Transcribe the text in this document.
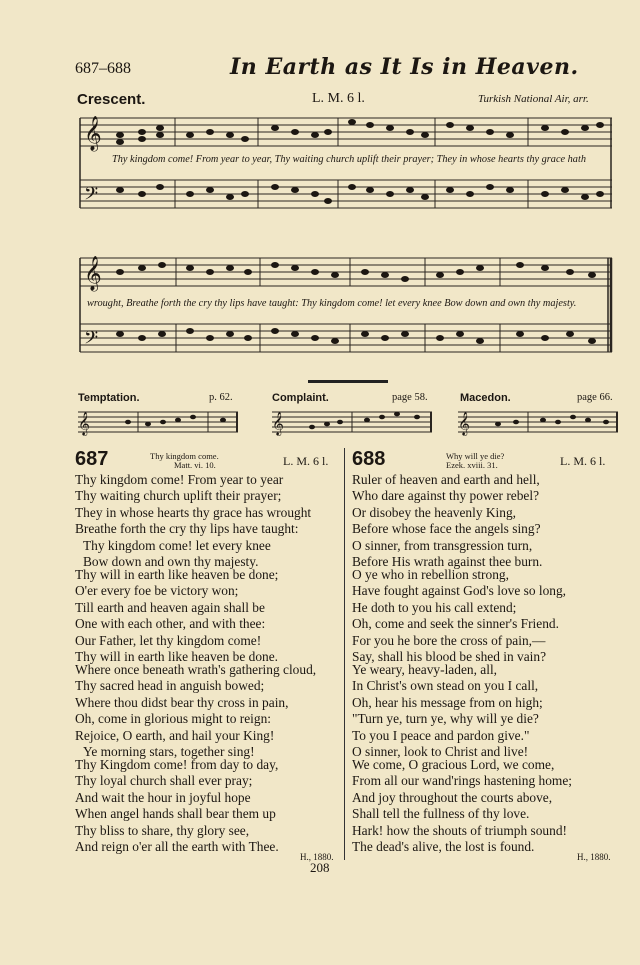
687–688	In Earth as It Is in Heaven.
Crescent.	L. M. 6 l.	Turkish National Air, arr.
𝄞
𝄢
Thy kingdom come! From year to year, Thy waiting church uplift their prayer; They in whose hearts thy grace hath
𝄞
𝄢
wrought, Breathe forth the cry thy lips have taught: Thy kingdom come! let every knee Bow down and own thy majesty.
Temptation.	p. 62.	Complaint.	page 58.	Macedon.	page 66.
𝄞	𝄞	𝄞
687	Thy kingdom come.
Matt. vi. 10.	L. M. 6 l. 688	Why will ye die?
Ezek. xviii. 31.	L. M. 6 l.
Thy kingdom come! From year to year
Thy waiting church uplift their prayer;
They in whose hearts thy grace has wrought
Breathe forth the cry thy lips have taught:
Thy kingdom come! let every knee
Bow down and own thy majesty.
Thy will in earth like heaven be done;
O'er every foe be victory won;
Till earth and heaven again shall be
One with each other, and with thee:
Our Father, let thy kingdom come!
Thy will in earth like heaven be done.
Where once beneath wrath's gathering cloud,
Thy sacred head in anguish bowed;
Where thou didst bear thy cross in pain,
Oh, come in glorious might to reign:
Rejoice, O earth, and hail your King!
Ye morning stars, together sing!
Thy Kingdom come! from day to day,
Thy loyal church shall ever pray;
And wait the hour in joyful hope
When angel hands shall bear them up
Thy bliss to share, thy glory see,
And reign o'er all the earth with Thee.
H., 1880.
Ruler of heaven and earth and hell,
Who dare against thy power rebel?
Or disobey the heavenly King,
Before whose face the angels sing?
O sinner, from transgression turn,
Before His wrath against thee burn.
O ye who in rebellion strong,
Have fought against God's love so long,
He doth to you his call extend;
Oh, come and seek the sinner's Friend.
For you he bore the cross of pain,—
Say, shall his blood be shed in vain?
Ye weary, heavy-laden, all,
In Christ's own stead on you I call,
Oh, hear his message from on high;
"Turn ye, turn ye, why will ye die?
To you I peace and pardon give."
O sinner, look to Christ and live!
We come, O gracious Lord, we come,
From all our wand'rings hastening home;
And joy throughout the courts above,
Shall tell the fullness of thy love.
Hark! how the shouts of triumph sound!
The dead's alive, the lost is found.
H., 1880.
208
